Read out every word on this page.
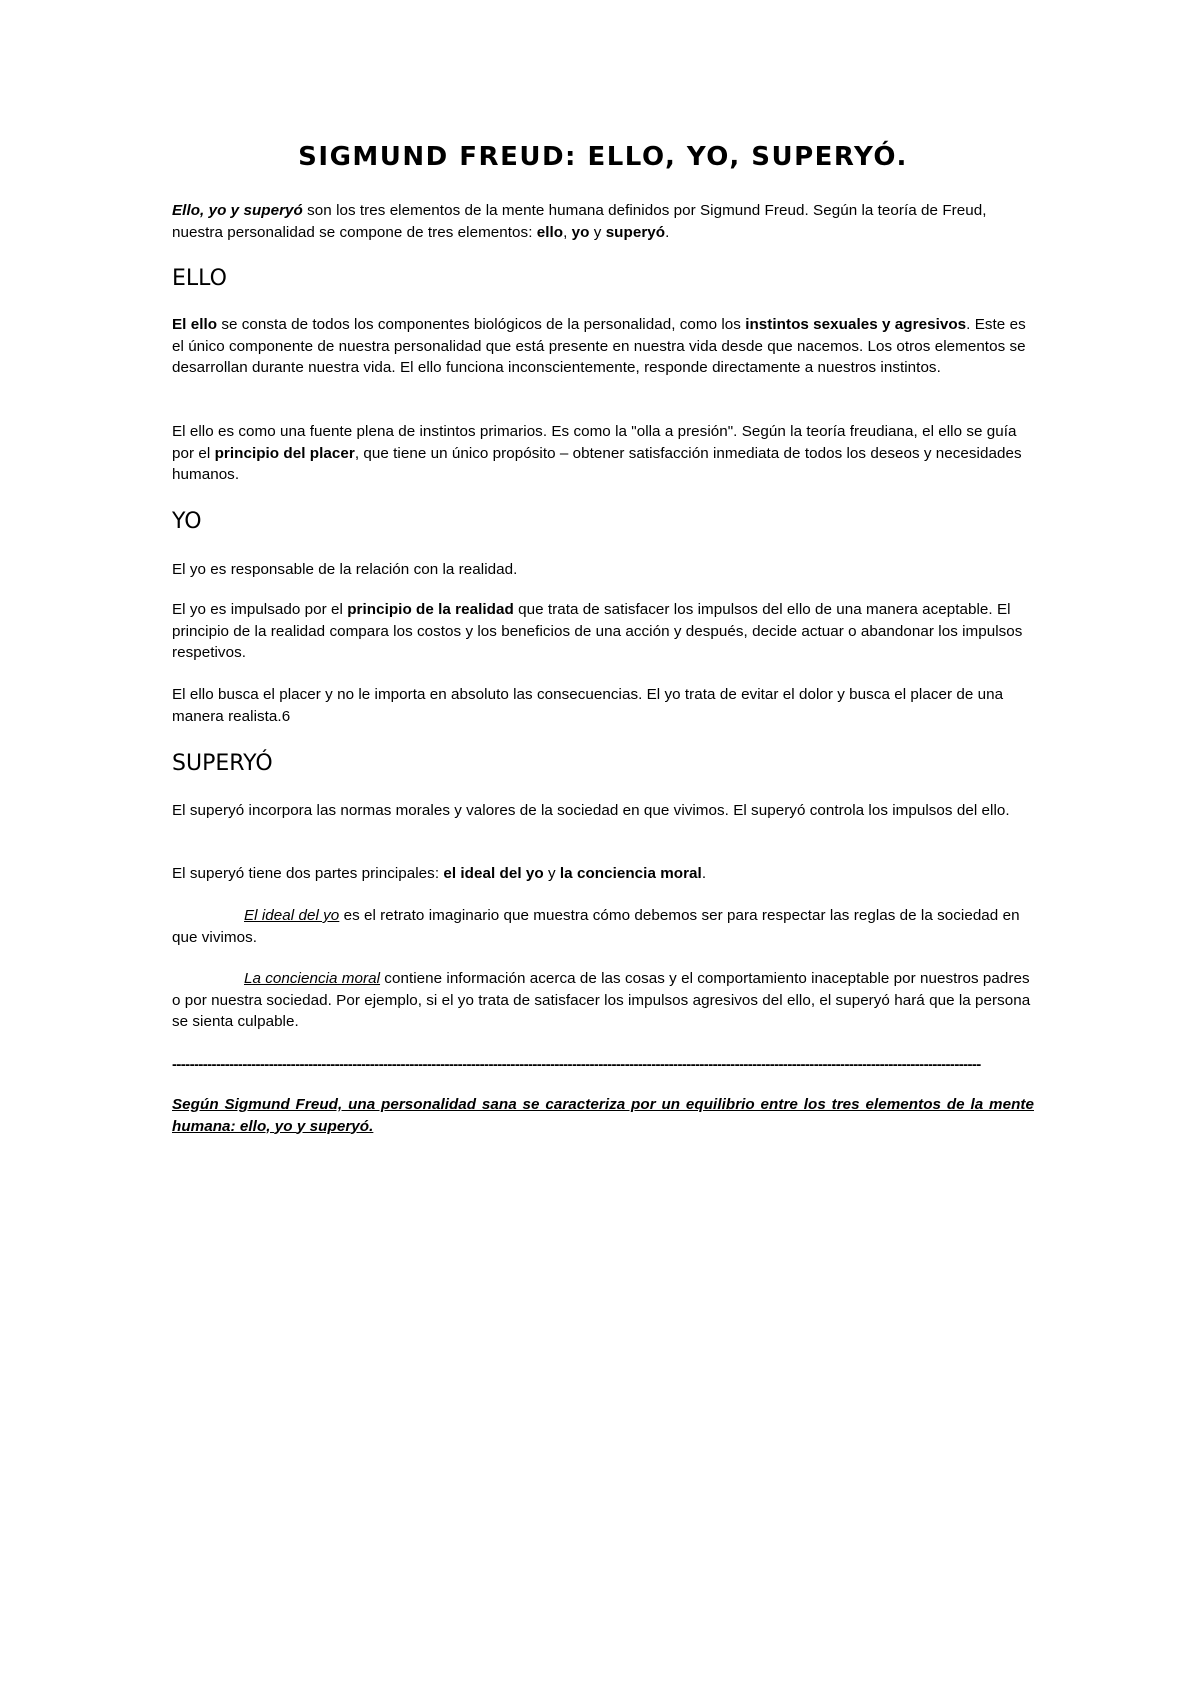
SIGMUND FREUD: ELLO, YO, SUPERYÓ.

Ello, yo y superyó son los tres elementos de la mente humana definidos por Sigmund Freud. Según la teoría de Freud, nuestra personalidad se compone de tres elementos: ello, yo y superyó.

ELLO

El ello se consta de todos los componentes biológicos de la personalidad, como los instintos sexuales y agresivos. Este es el único componente de nuestra personalidad que está presente en nuestra vida desde que nacemos. Los otros elementos se desarrollan durante nuestra vida. El ello funciona inconscientemente, responde directamente a nuestros instintos.

El ello es como una fuente plena de instintos primarios. Es como la "olla a presión". Según la teoría freudiana, el ello se guía por el principio del placer, que tiene un único propósito – obtener satisfacción inmediata de todos los deseos y necesidades humanos.

YO

El yo es responsable de la relación con la realidad.

El yo es impulsado por el principio de la realidad que trata de satisfacer los impulsos del ello de una manera aceptable. El principio de la realidad compara los costos y los beneficios de una acción y después, decide actuar o abandonar los impulsos respetivos.

El ello busca el placer y no le importa en absoluto las consecuencias. El yo trata de evitar el dolor y busca el placer de una manera realista.6

SUPERYÓ

El superyó incorpora las normas morales y valores de la sociedad en que vivimos. El superyó controla los impulsos del ello.

El superyó tiene dos partes principales: el ideal del yo y la conciencia moral.

El ideal del yo es el retrato imaginario que muestra cómo debemos ser para respectar las reglas de la sociedad en que vivimos.

La conciencia moral contiene información acerca de las cosas y el comportamiento inaceptable por nuestros padres o por nuestra sociedad. Por ejemplo, si el yo trata de satisfacer los impulsos agresivos del ello, el superyó hará que la persona se sienta culpable.

----------------------------------------------------------------------------------------------------------------------------------------------------------------------------------------

Según Sigmund Freud, una personalidad sana se caracteriza por un equilibrio entre los tres elementos de la mente humana: ello, yo y superyó.
